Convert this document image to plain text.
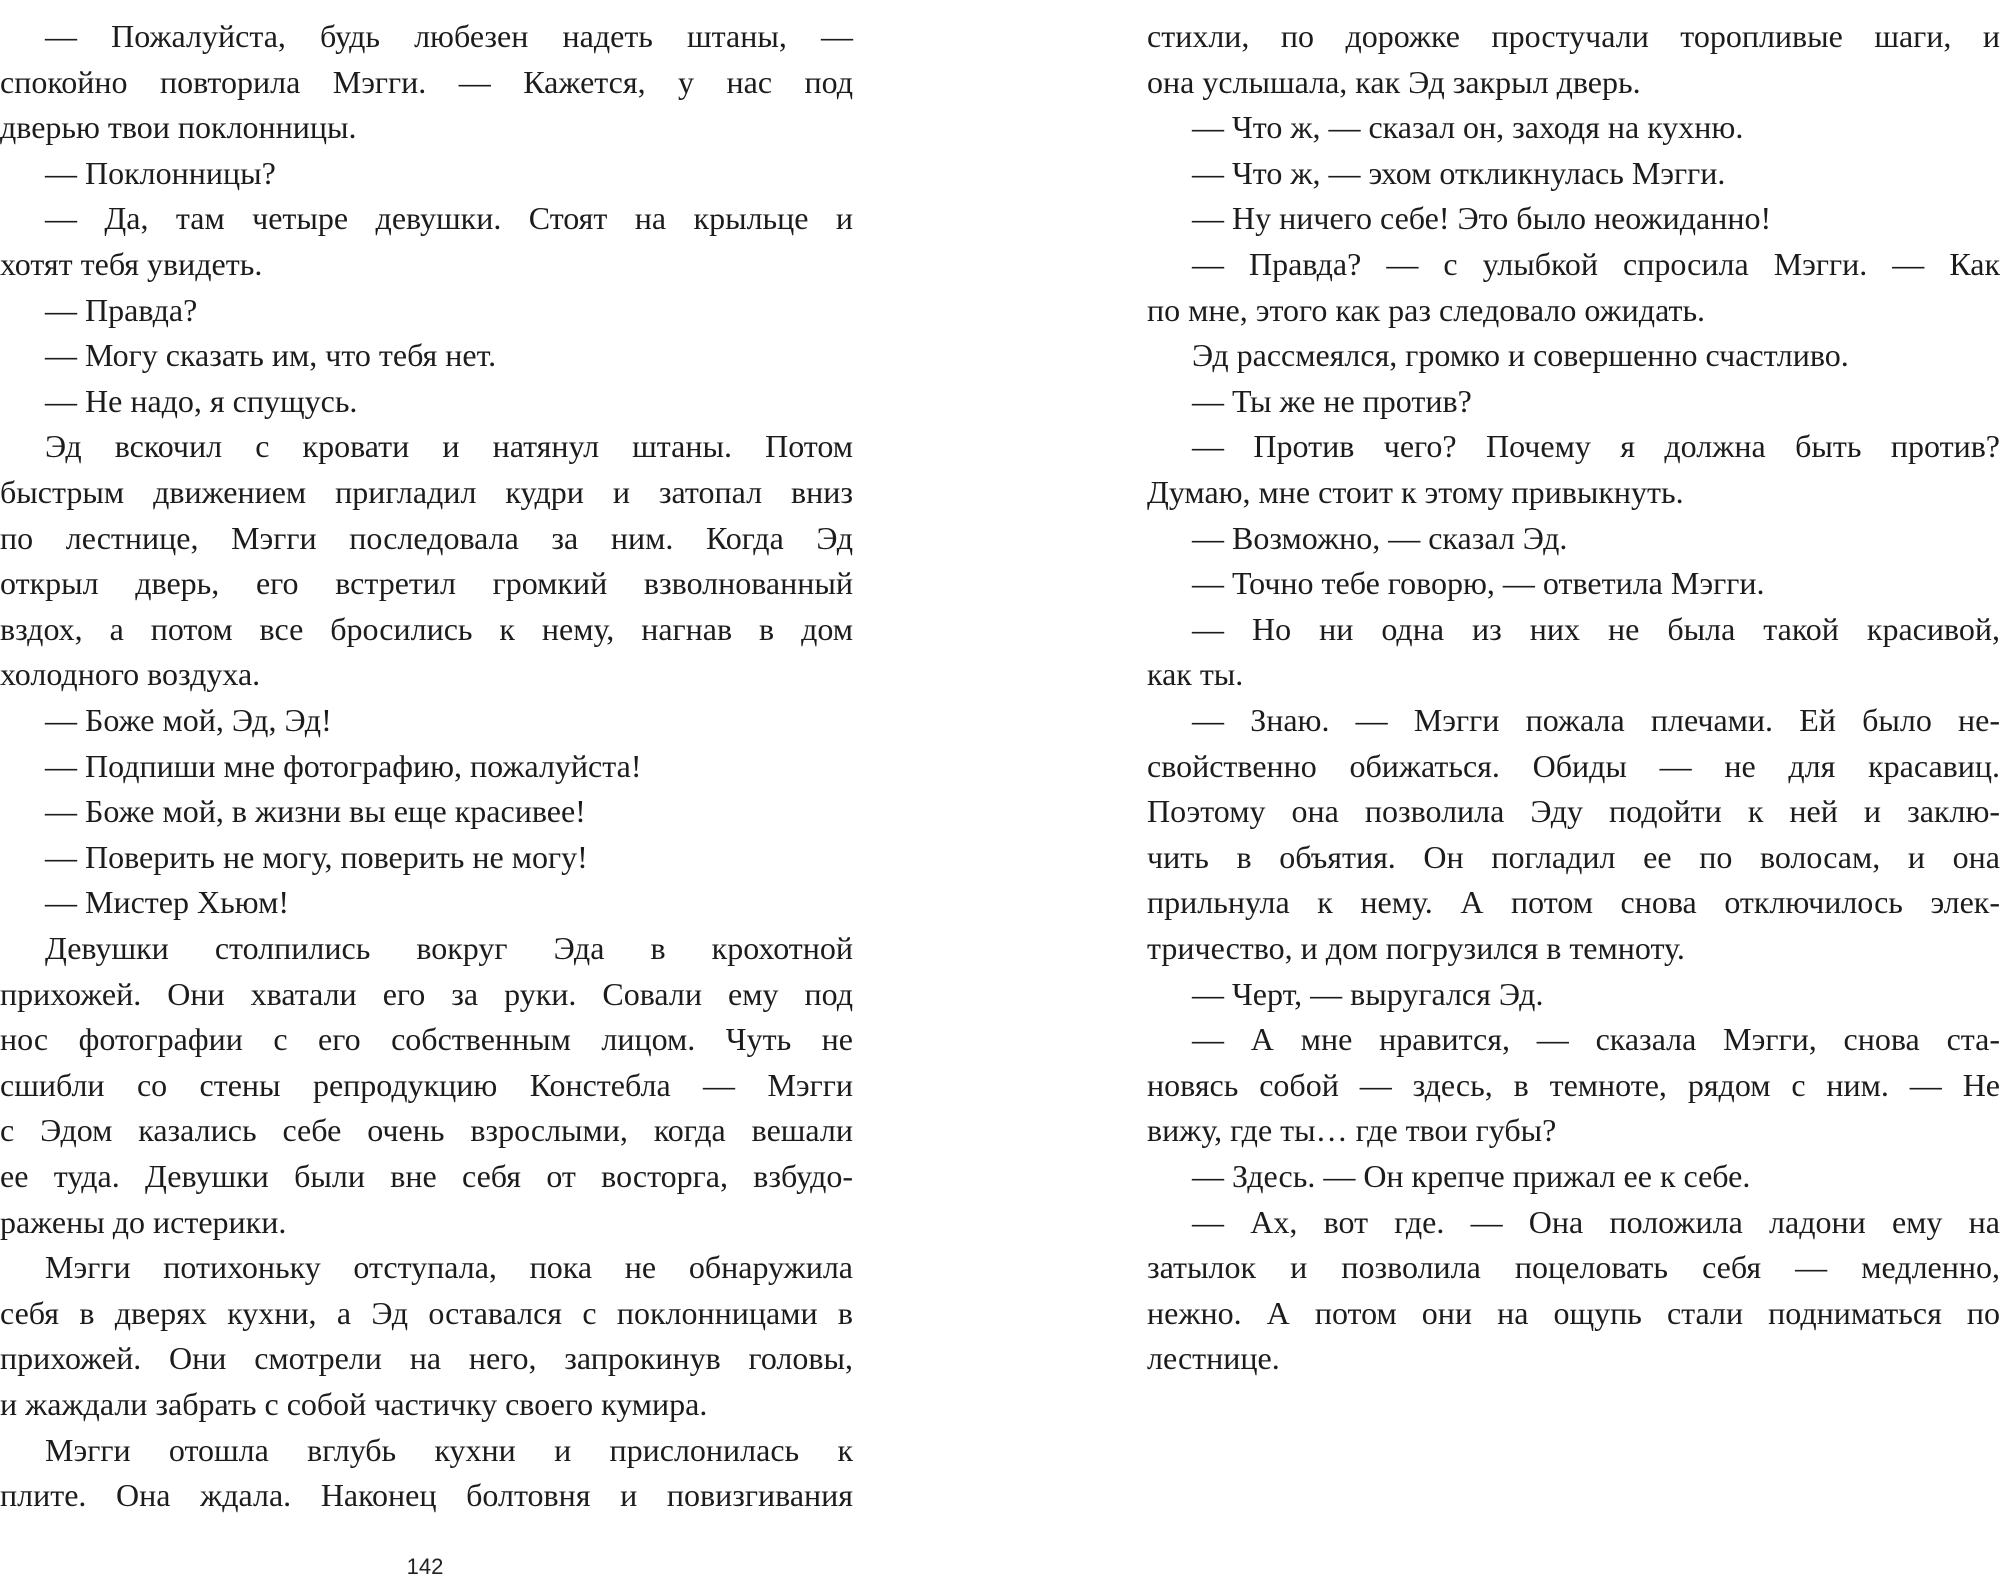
— Пожалуйста, будь любезен надеть штаны, —
спокойно повторила Мэгги. — Кажется, у нас под
дверью твои поклонницы.
— Поклонницы?
— Да, там четыре девушки. Стоят на крыльце и
хотят тебя увидеть.
— Правда?
— Могу сказать им, что тебя нет.
— Не надо, я спущусь.
Эд вскочил с кровати и натянул штаны. Потом
быстрым движением пригладил кудри и затопал вниз
по лестнице, Мэгги последовала за ним. Когда Эд
открыл дверь, его встретил громкий взволнованный
вздох, а потом все бросились к нему, нагнав в дом
холодного воздуха.
— Боже мой, Эд, Эд!
— Подпиши мне фотографию, пожалуйста!
— Боже мой, в жизни вы еще красивее!
— Поверить не могу, поверить не могу!
— Мистер Хьюм!
Девушки столпились вокруг Эда в крохотной
прихожей. Они хватали его за руки. Совали ему под
нос фотографии с его собственным лицом. Чуть не
сшибли со стены репродукцию Констебла — Мэгги
с Эдом казались себе очень взрослыми, когда вешали
ее туда. Девушки были вне себя от восторга, взбудо-
ражены до истерики.
Мэгги потихоньку отступала, пока не обнаружила
себя в дверях кухни, а Эд оставался с поклонницами в
прихожей. Они смотрели на него, запрокинув головы,
и жаждали забрать с собой частичку своего кумира.
Мэгги отошла вглубь кухни и прислонилась к
плите. Она ждала. Наконец болтовня и повизгивания
стихли, по дорожке простучали торопливые шаги, и
она услышала, как Эд закрыл дверь.
— Что ж, — сказал он, заходя на кухню.
— Что ж, — эхом откликнулась Мэгги.
— Ну ничего себе! Это было неожиданно!
— Правда? — с улыбкой спросила Мэгги. — Как
по мне, этого как раз следовало ожидать.
Эд рассмеялся, громко и совершенно счастливо.
— Ты же не против?
— Против чего? Почему я должна быть против?
Думаю, мне стоит к этому привыкнуть.
— Возможно, — сказал Эд.
— Точно тебе говорю, — ответила Мэгги.
— Но ни одна из них не была такой красивой,
как ты.
— Знаю. — Мэгги пожала плечами. Ей было не-
свойственно обижаться. Обиды — не для красавиц.
Поэтому она позволила Эду подойти к ней и заклю-
чить в объятия. Он погладил ее по волосам, и она
прильнула к нему. А потом снова отключилось элек-
тричество, и дом погрузился в темноту.
— Черт, — выругался Эд.
— А мне нравится, — сказала Мэгги, снова ста-
новясь собой — здесь, в темноте, рядом с ним. — Не
вижу, где ты… где твои губы?
— Здесь. — Он крепче прижал ее к себе.
— Ах, вот где. — Она положила ладони ему на
затылок и позволила поцеловать себя — медленно,
нежно. А потом они на ощупь стали подниматься по
лестнице.
142
